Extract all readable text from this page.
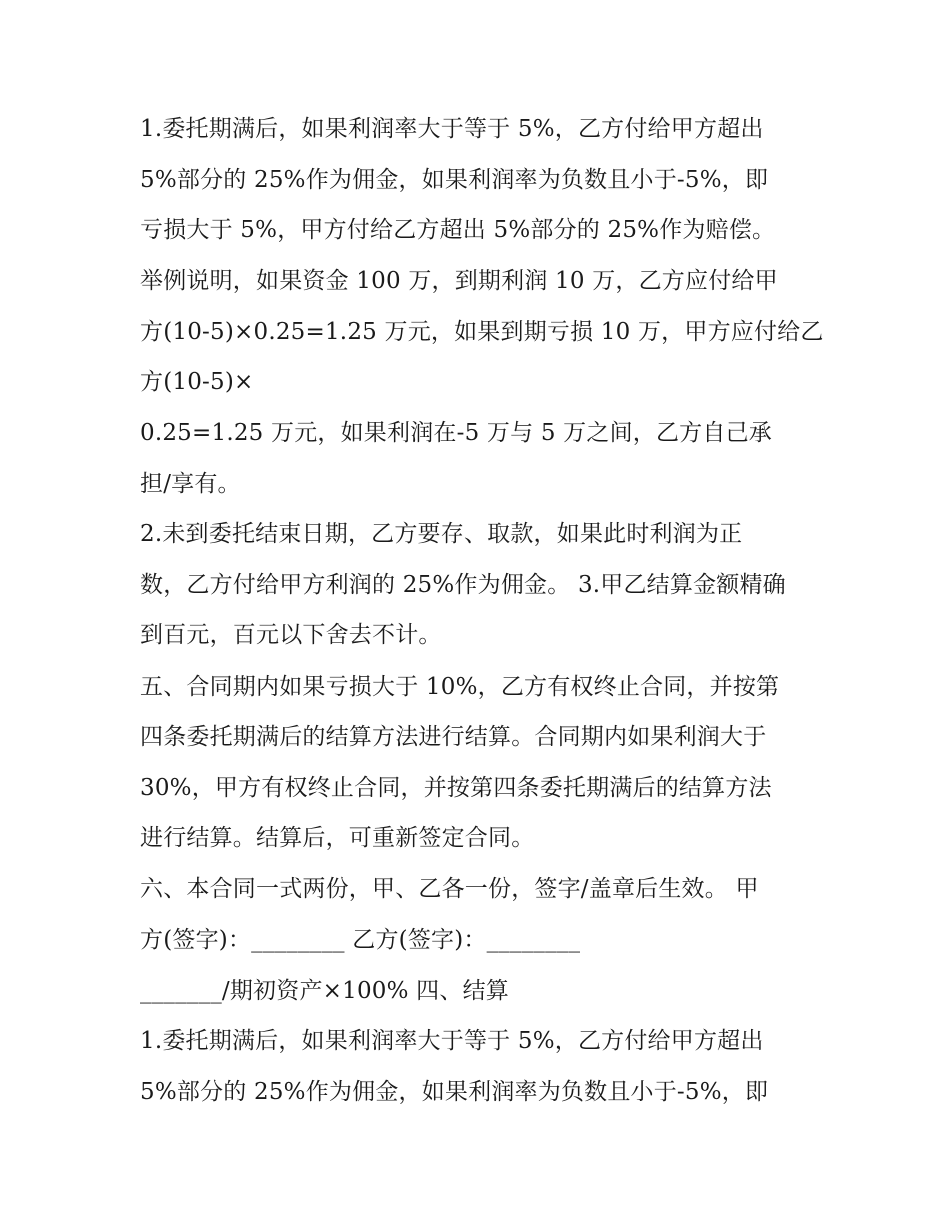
1.委托期满后，如果利润率大于等于 5%，乙方付给甲方超出
5%部分的 25%作为佣金，如果利润率为负数且小于-5%，即
亏损大于 5%，甲方付给乙方超出 5%部分的 25%作为赔偿。
举例说明，如果资金 100 万，到期利润 10 万，乙方应付给甲
方(10-5)×0.25=1.25 万元，如果到期亏损 10 万，甲方应付给乙
方(10-5)×
0.25=1.25 万元，如果利润在-5 万与 5 万之间，乙方自己承
担/享有。
2.未到委托结束日期，乙方要存、取款，如果此时利润为正
数，乙方付给甲方利润的 25%作为佣金。 3.甲乙结算金额精确
到百元，百元以下舍去不计。
五、合同期内如果亏损大于 10%，乙方有权终止合同，并按第
四条委托期满后的结算方法进行结算。合同期内如果利润大于
30%，甲方有权终止合同，并按第四条委托期满后的结算方法
进行结算。结算后，可重新签定合同。
六、本合同一式两份，甲、乙各一份，签字/盖章后生效。 甲
方(签字)：________ 乙方(签字)：________
_______/期初资产×100% 四、结算
1.委托期满后，如果利润率大于等于 5%，乙方付给甲方超出
5%部分的 25%作为佣金，如果利润率为负数且小于-5%，即
